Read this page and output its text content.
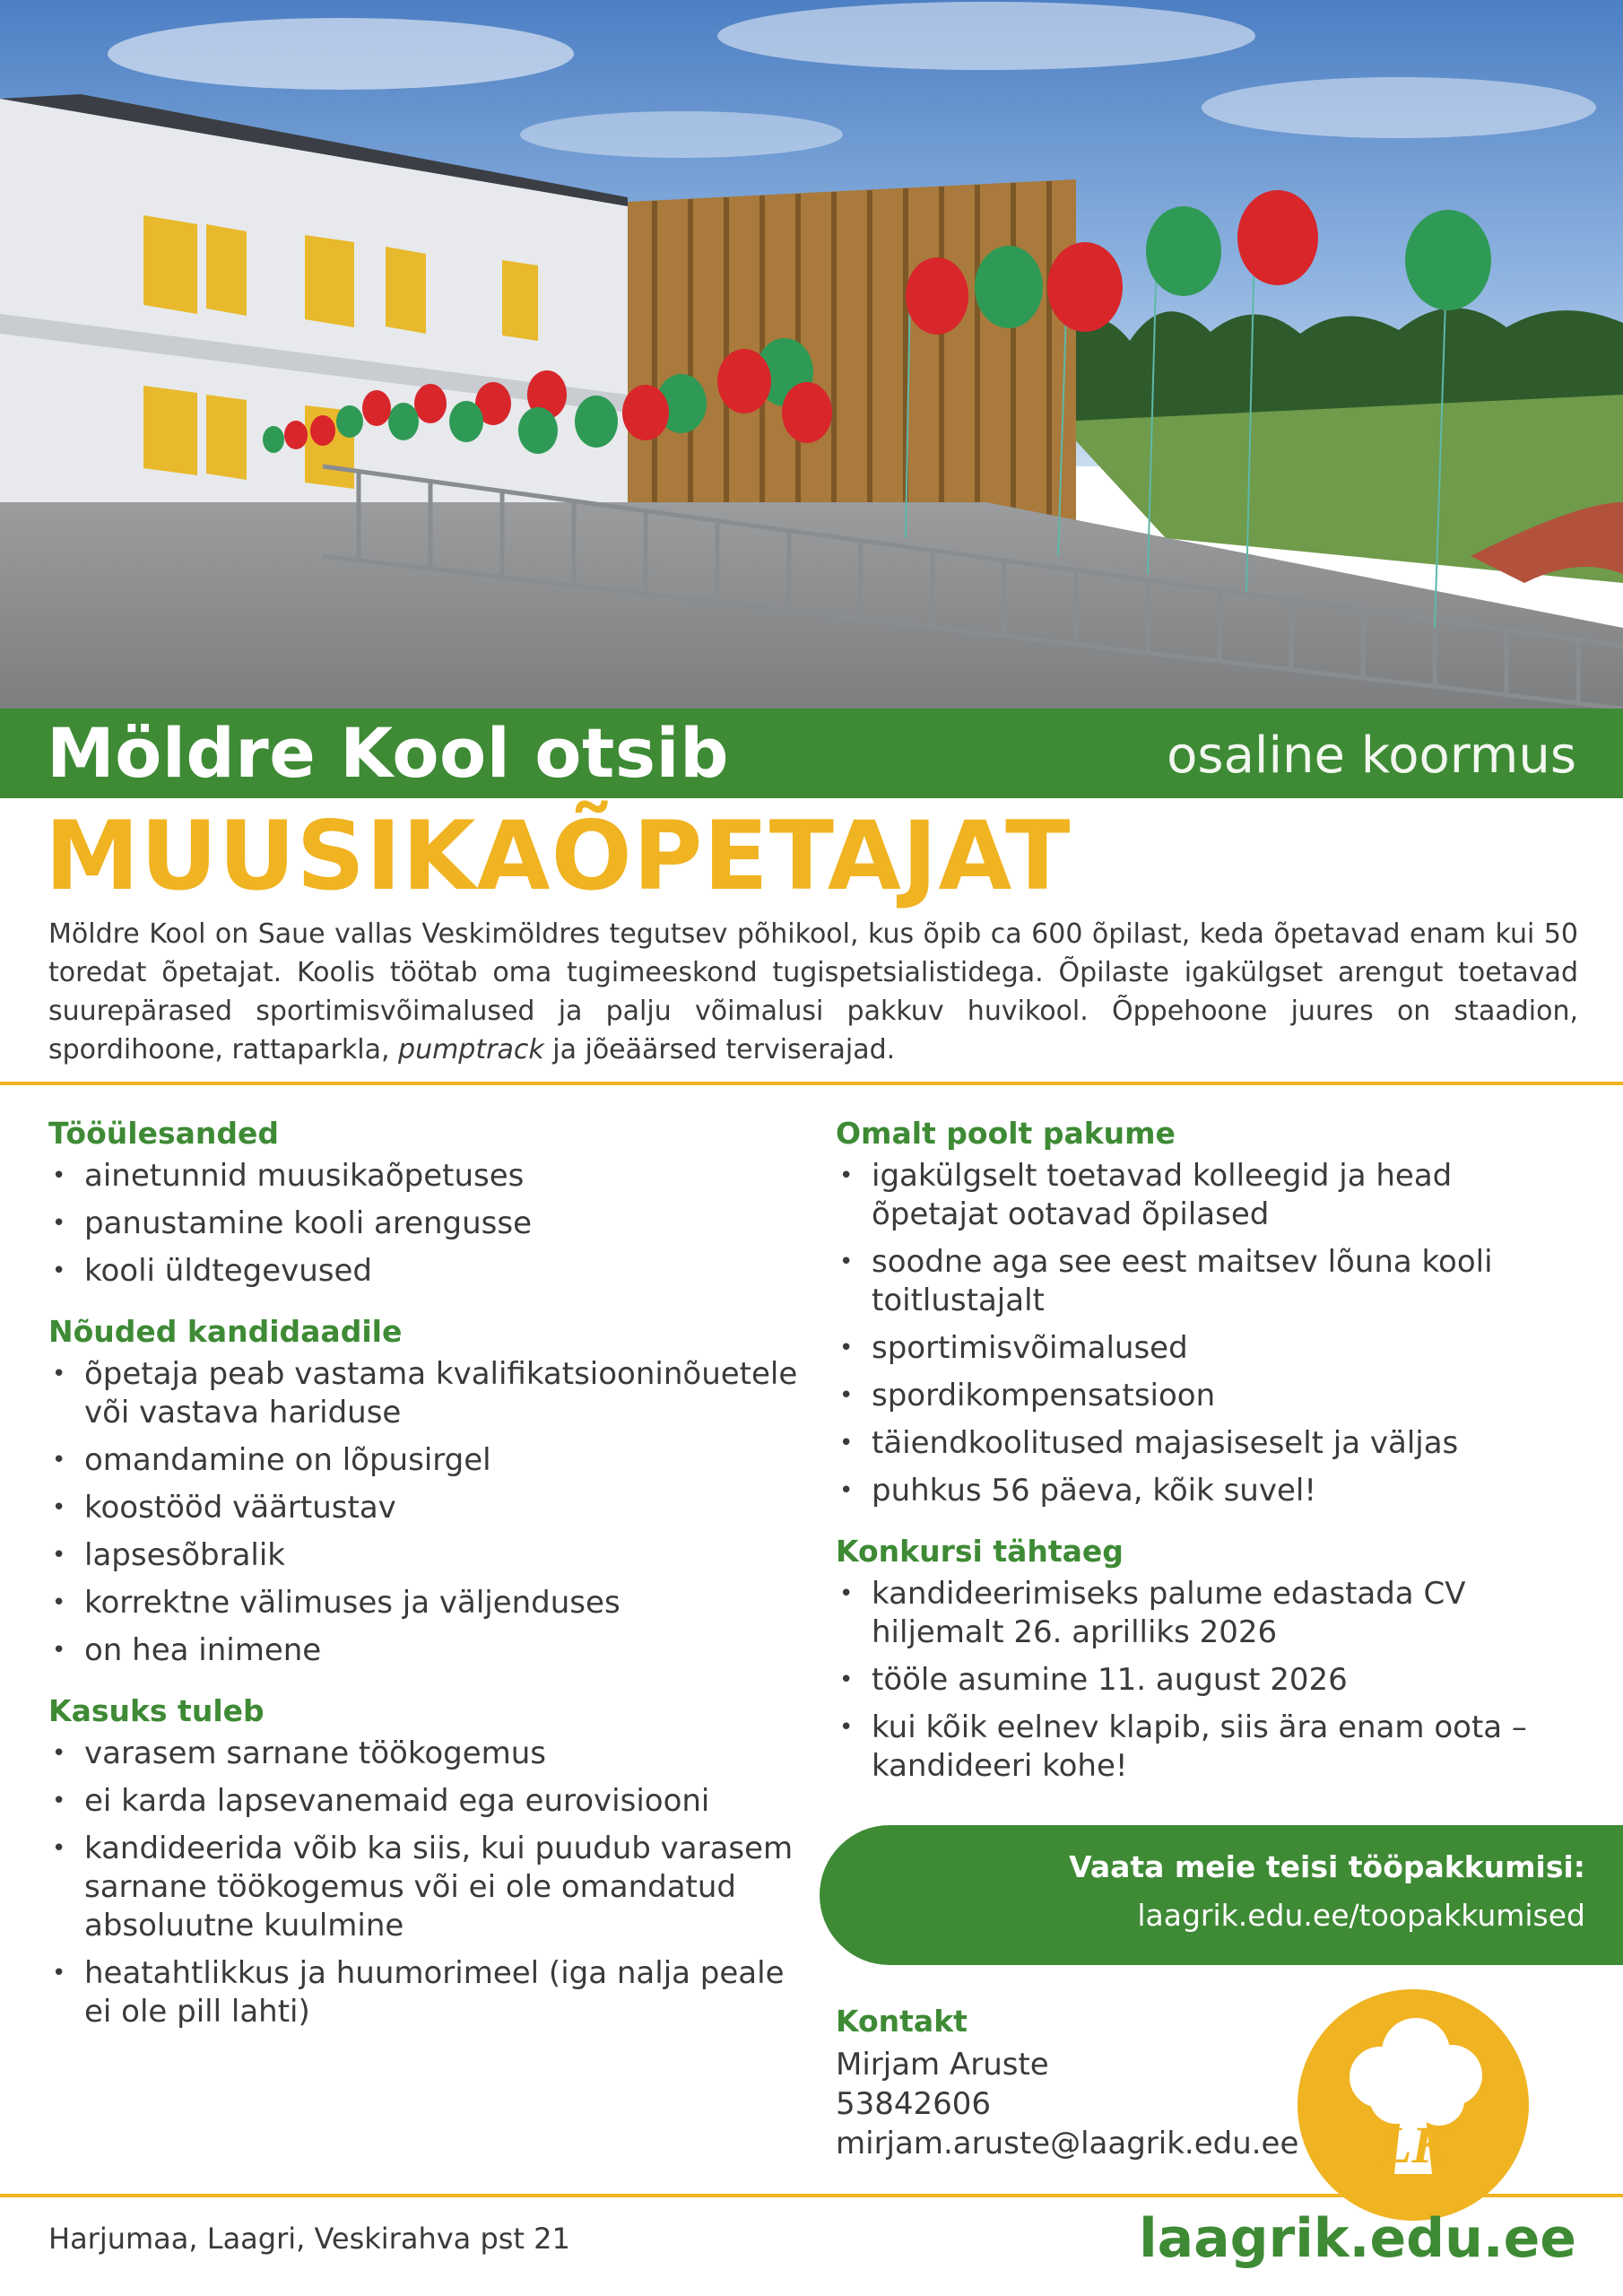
Möldre Kool otsib	osaline koormus
MUUSIKAÕPETAJAT

Möldre Kool on Saue vallas Veskimöldres tegutsev põhikool, kus õpib ca 600 õpilast, keda õpetavad enam kui 50 toredat õpetajat. Koolis töötab oma tugimeeskond tugispetsialistidega. Õpilaste igakülgset arengut toetavad suurepärased sportimisvõimalused ja palju võimalusi pakkuv huvikool. Õppehoone juures on staadion, spordihoone, rattaparkla, pumptrack ja jõeäärsed terviserajad.

Tööülesanded
• ainetunnid muusikaõpetuses
• panustamine kooli arengusse
• kooli üldtegevused
Nõuded kandidaadile
• õpetaja peab vastama kvalifikatsiooninõuetele või vastava hariduse
• omandamine on lõpusirgel
• koostööd väärtustav
• lapsesõbralik
• korrektne välimuses ja väljenduses
• on hea inimene
Kasuks tuleb
• varasem sarnane töökogemus
• ei karda lapsevanemaid ega eurovisiooni
• kandideerida võib ka siis, kui puudub varasem sarnane töökogemus või ei ole omandatud absoluutne kuulmine
• heatahtlikkus ja huumorimeel (iga nalja peale ei ole pill lahti)
Omalt poolt pakume
• igakülgselt toetavad kolleegid ja head õpetajat ootavad õpilased
• soodne aga see eest maitsev lõuna kooli toitlustajalt
• sportimisvõimalused
• spordikompensatsioon
• täiendkoolitused majasiseselt ja väljas
• puhkus 56 päeva, kõik suvel!
Konkursi tähtaeg
• kandideerimiseks palume edastada CV hiljemalt 26. aprilliks 2026
• tööle asumine 11. august 2026
• kui kõik eelnev klapib, siis ära enam oota – kandideeri kohe!
Vaata meie teisi tööpakkumisi:
laagrik.edu.ee/toopakkumised
Kontakt
Mirjam Aruste
53842606
mirjam.aruste@laagrik.edu.ee LK
Harjumaa, Laagri, Veskirahva pst 21	laagrik.edu.ee
